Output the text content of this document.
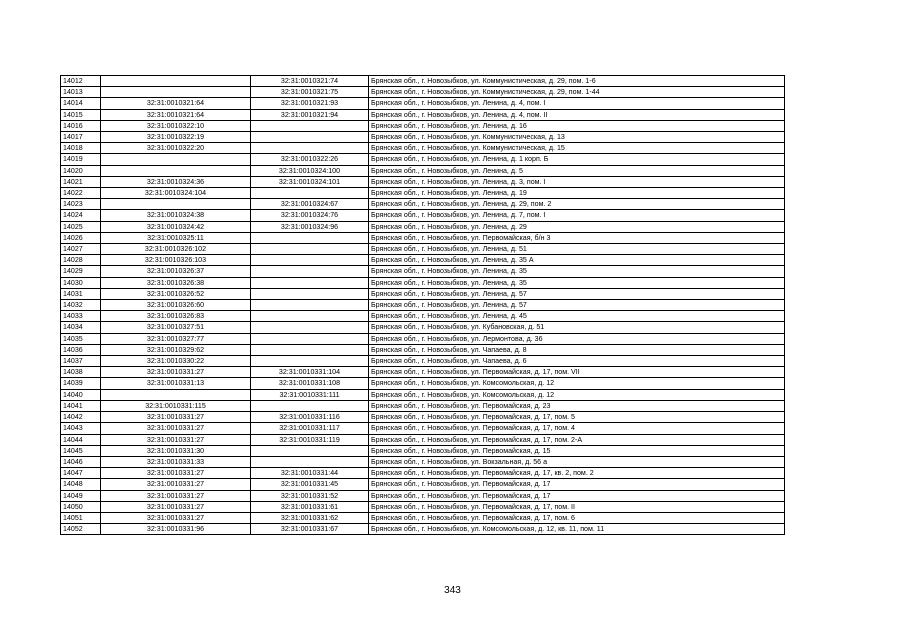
14012		32:31:0010321:74	Брянская обл., г. Новозыбков, ул. Коммунистическая, д. 29, пом. 1-6
14013		32:31:0010321:75	Брянская обл., г. Новозыбков, ул. Коммунистическая, д. 29, пом. 1-44
14014	32:31:0010321:64	32:31:0010321:93	Брянская обл., г. Новозыбков, ул. Ленина, д. 4, пом. I
14015	32:31:0010321:64	32:31:0010321:94	Брянская обл., г. Новозыбков, ул. Ленина, д. 4, пом. II
14016	32:31:0010322:10		Брянская обл., г. Новозыбков, ул. Ленина, д. 16
14017	32:31:0010322:19		Брянская обл., г. Новозыбков, ул. Коммунистическая, д. 13
14018	32:31:0010322:20		Брянская обл., г. Новозыбков, ул. Коммунистическая, д. 15
14019		32:31:0010322:26	Брянская обл., г. Новозыбков, ул. Ленина, д. 1 корп. Б
14020		32:31:0010324:100	Брянская обл., г. Новозыбков, ул. Ленина, д. 5
14021	32:31:0010324:36	32:31:0010324:101	Брянская обл., г. Новозыбков, ул. Ленина, д. 3, пом. I
14022	32:31:0010324:104		Брянская обл., г. Новозыбков, ул. Ленина, д. 19
14023		32:31:0010324:67	Брянская обл., г. Новозыбков, ул. Ленина, д. 29, пом. 2
14024	32:31:0010324:38	32:31:0010324:76	Брянская обл., г. Новозыбков, ул. Ленина, д. 7, пом. I
14025	32:31:0010324:42	32:31:0010324:96	Брянская обл., г. Новозыбков, ул. Ленина, д. 29
14026	32:31:0010325:11		Брянская обл., г. Новозыбков, ул. Первомайская, б/н 3
14027	32:31:0010326:102		Брянская обл., г. Новозыбков, ул. Ленина, д. 51
14028	32:31:0010326:103		Брянская обл., г. Новозыбков, ул. Ленина, д. 35 А
14029	32:31:0010326:37		Брянская обл., г. Новозыбков, ул. Ленина, д. 35
14030	32:31:0010326:38		Брянская обл., г. Новозыбков, ул. Ленина, д. 35
14031	32:31:0010326:52		Брянская обл., г. Новозыбков, ул. Ленина, д. 57
14032	32:31:0010326:60		Брянская обл., г. Новозыбков, ул. Ленина, д. 57
14033	32:31:0010326:83		Брянская обл., г. Новозыбков, ул. Ленина, д. 45
14034	32:31:0010327:51		Брянская обл., г. Новозыбков, ул. Кубановская, д. 51
14035	32:31:0010327:77		Брянская обл., г. Новозыбков, ул. Лермонтова, д. 36
14036	32:31:0010329:62		Брянская обл., г. Новозыбков, ул. Чапаева, д. 8
14037	32:31:0010330:22		Брянская обл., г. Новозыбков, ул. Чапаева, д. 6
14038	32:31:0010331:27	32:31:0010331:104	Брянская обл., г. Новозыбков, ул. Первомайская, д. 17, пом. VII
14039	32:31:0010331:13	32:31:0010331:108	Брянская обл., г. Новозыбков, ул. Комсомольская, д. 12
14040		32:31:0010331:111	Брянская обл., г. Новозыбков, ул. Комсомольская, д. 12
14041	32:31:0010331:115		Брянская обл., г. Новозыбков, ул. Первомайская, д. 23
14042	32:31:0010331:27	32:31:0010331:116	Брянская обл., г. Новозыбков, ул. Первомайская, д. 17, пом. 5
14043	32:31:0010331:27	32:31:0010331:117	Брянская обл., г. Новозыбков, ул. Первомайская, д. 17, пом. 4
14044	32:31:0010331:27	32:31:0010331:119	Брянская обл., г. Новозыбков, ул. Первомайская, д. 17, пом. 2-А
14045	32:31:0010331:30		Брянская обл., г. Новозыбков, ул. Первомайская, д. 15
14046	32:31:0010331:33		Брянская обл., г. Новозыбков, ул. Вокзальная, д. 56 а
14047	32:31:0010331:27	32:31:0010331:44	Брянская обл., г. Новозыбков, ул. Первомайская, д. 17, кв. 2, пом. 2
14048	32:31:0010331:27	32:31:0010331:45	Брянская обл., г. Новозыбков, ул. Первомайская, д. 17
14049	32:31:0010331:27	32:31:0010331:52	Брянская обл., г. Новозыбков, ул. Первомайская, д. 17
14050	32:31:0010331:27	32:31:0010331:61	Брянская обл., г. Новозыбков, ул. Первомайская, д. 17, пом. II
14051	32:31:0010331:27	32:31:0010331:62	Брянская обл., г. Новозыбков, ул. Первомайская, д. 17, пом. 6
14052	32:31:0010331:96	32:31:0010331:67	Брянская обл., г. Новозыбков, ул. Комсомольская, д. 12, кв. 11, пом. 11
343
